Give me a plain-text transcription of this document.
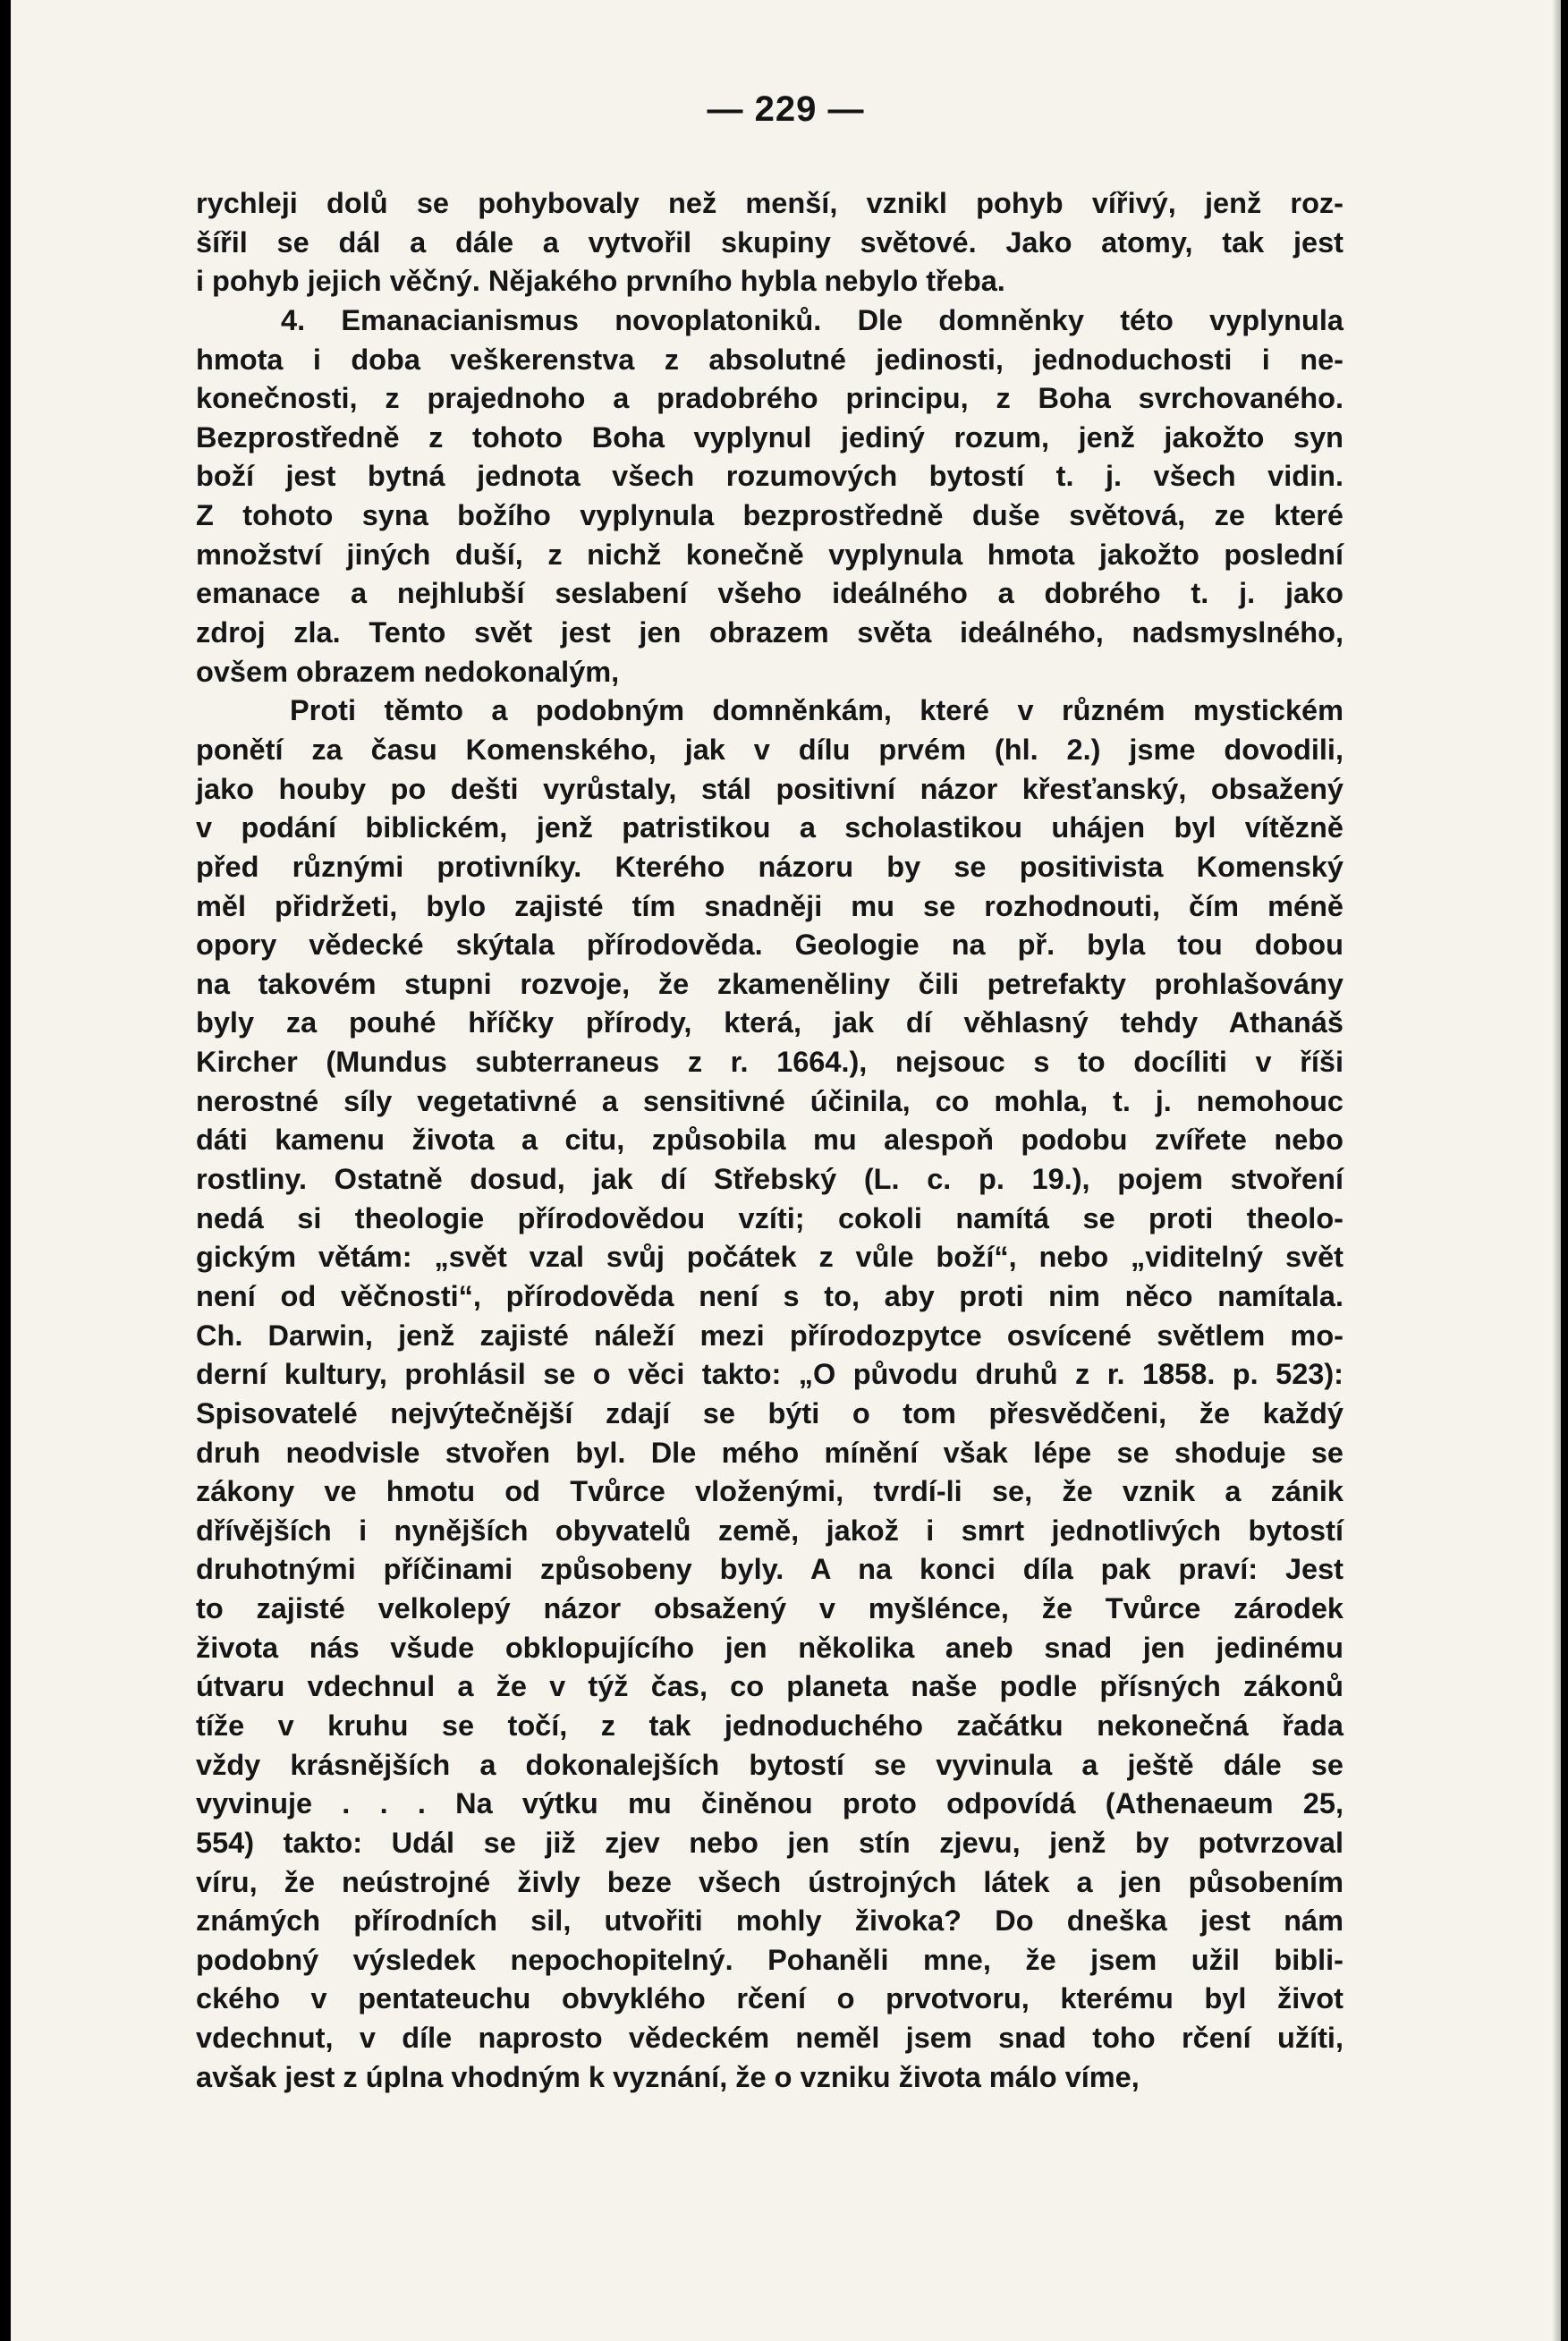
— 229 —
rychleji dolů se pohybovaly než menší, vznikl pohyb vířivý, jenž roz-
šířil se dál a dále a vytvořil skupiny světové. Jako atomy, tak jest
i pohyb jejich věčný. Nějakého prvního hybla nebylo třeba.
4. Emanacianismus novoplatoniků. Dle domněnky této vyplynula
hmota i doba veškerenstva z absolutné jedinosti, jednoduchosti i ne-
konečnosti, z prajednoho a pradobrého principu, z Boha svrchovaného.
Bezprostředně z tohoto Boha vyplynul jediný rozum, jenž jakožto syn
boží jest bytná jednota všech rozumových bytostí t. j. všech vidin.
Z tohoto syna božího vyplynula bezprostředně duše světová, ze které
množství jiných duší, z nichž konečně vyplynula hmota jakožto poslední
emanace a nejhlubší seslabení všeho ideálného a dobrého t. j. jako
zdroj zla. Tento svět jest jen obrazem světa ideálného, nadsmyslného,
ovšem obrazem nedokonalým,
Proti těmto a podobným domněnkám, které v různém mystickém
ponětí za času Komenského, jak v dílu prvém (hl. 2.) jsme dovodili,
jako houby po dešti vyrůstaly, stál positivní názor křesťanský, obsažený
v podání biblickém, jenž patristikou a scholastikou uhájen byl vítězně
před různými protivníky. Kterého názoru by se positivista Komenský
měl přidržeti, bylo zajisté tím snadněji mu se rozhodnouti, čím méně
opory vědecké skýtala přírodověda. Geologie na př. byla tou dobou
na takovém stupni rozvoje, že zkameněliny čili petrefakty prohlašovány
byly za pouhé hříčky přírody, která, jak dí věhlasný tehdy Athanáš
Kircher (Mundus subterraneus z r. 1664.), nejsouc s to docíliti v říši
nerostné síly vegetativné a sensitivné účinila, co mohla, t. j. nemohouc
dáti kamenu života a citu, způsobila mu alespoň podobu zvířete nebo
rostliny. Ostatně dosud, jak dí Střebský (L. c. p. 19.), pojem stvoření
nedá si theologie přírodovědou vzíti; cokoli namítá se proti theolo-
gickým větám: „svět vzal svůj počátek z vůle boží“, nebo „viditelný svět
není od věčnosti“, přírodověda není s to, aby proti nim něco namítala.
Ch. Darwin, jenž zajisté náleží mezi přírodozpytce osvícené světlem mo-
derní kultury, prohlásil se o věci takto: „O původu druhů z r. 1858. p. 523):
Spisovatelé nejvýtečnější zdají se býti o tom přesvědčeni, že každý
druh neodvisle stvořen byl. Dle mého mínění však lépe se shoduje se
zákony ve hmotu od Tvůrce vloženými, tvrdí-li se, že vznik a zánik
dřívějších i nynějších obyvatelů země, jakož i smrt jednotlivých bytostí
druhotnými příčinami způsobeny byly. A na konci díla pak praví: Jest
to zajisté velkolepý názor obsažený v myšlénce, že Tvůrce zárodek
života nás všude obklopujícího jen několika aneb snad jen jedinému
útvaru vdechnul a že v týž čas, co planeta naše podle přísných zákonů
tíže v kruhu se točí, z tak jednoduchého začátku nekonečná řada
vždy krásnějších a dokonalejších bytostí se vyvinula a ještě dále se
vyvinuje . . . Na výtku mu činěnou proto odpovídá (Athenaeum 25,
554) takto: Udál se již zjev nebo jen stín zjevu, jenž by potvrzoval
víru, že neústrojné živly beze všech ústrojných látek a jen působením
známých přírodních sil, utvořiti mohly živoka? Do dneška jest nám
podobný výsledek nepochopitelný. Pohaněli mne, že jsem užil bibli-
ckého v pentateuchu obvyklého rčení o prvotvoru, kterému byl život
vdechnut, v díle naprosto vědeckém neměl jsem snad toho rčení užíti,
avšak jest z úplna vhodným k vyznání, že o vzniku života málo víme,
